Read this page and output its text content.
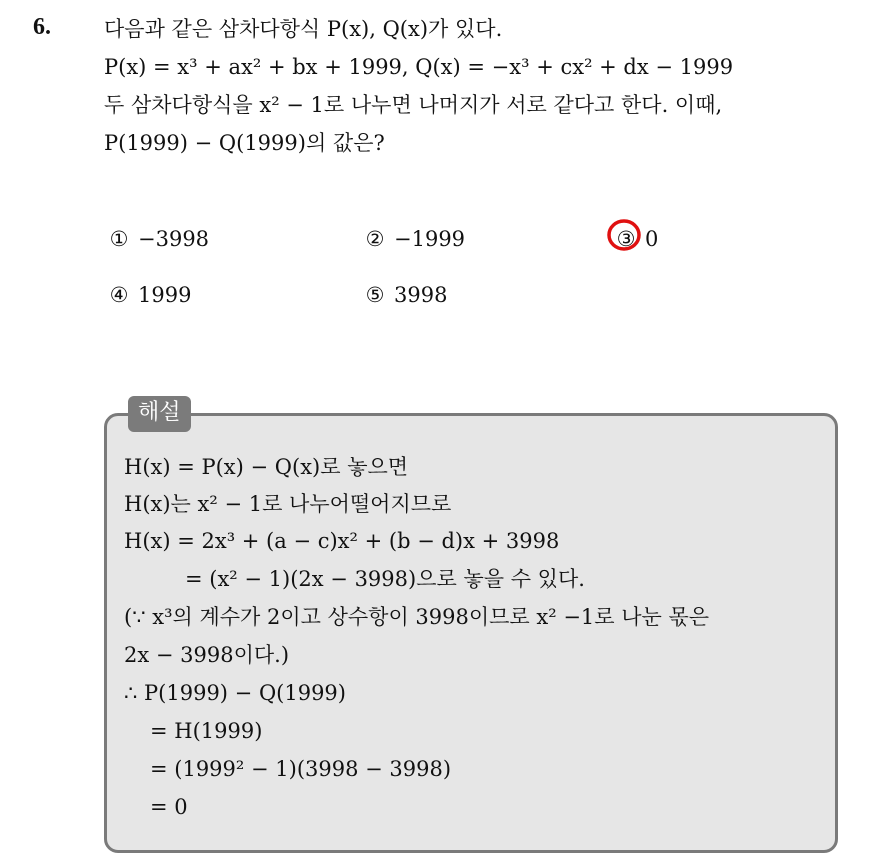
6.	다음과 같은 삼차다항식 P(x), Q(x)가 있다.
P(x) = x³ + ax² + bx + 1999, Q(x) = −x³ + cx² + dx − 1999
두 삼차다항식을 x² − 1로 나누면 나머지가 서로 같다고 한다. 이때,
P(1999) − Q(1999)의 값은?
① −3998	② −1999	③ 0
④ 1999	⑤ 3998
해설
H(x) = P(x) − Q(x)로 놓으면
H(x)는 x² − 1로 나누어떨어지므로
H(x) = 2x³ + (a − c)x² + (b − d)x + 3998
= (x² − 1)(2x − 3998)으로 놓을 수 있다.
(∵ x³의 계수가 2이고 상수항이 3998이므로 x² −1로 나눈 몫은
2x − 3998이다.)
∴ P(1999) − Q(1999)
= H(1999)
= (1999² − 1)(3998 − 3998)
= 0
